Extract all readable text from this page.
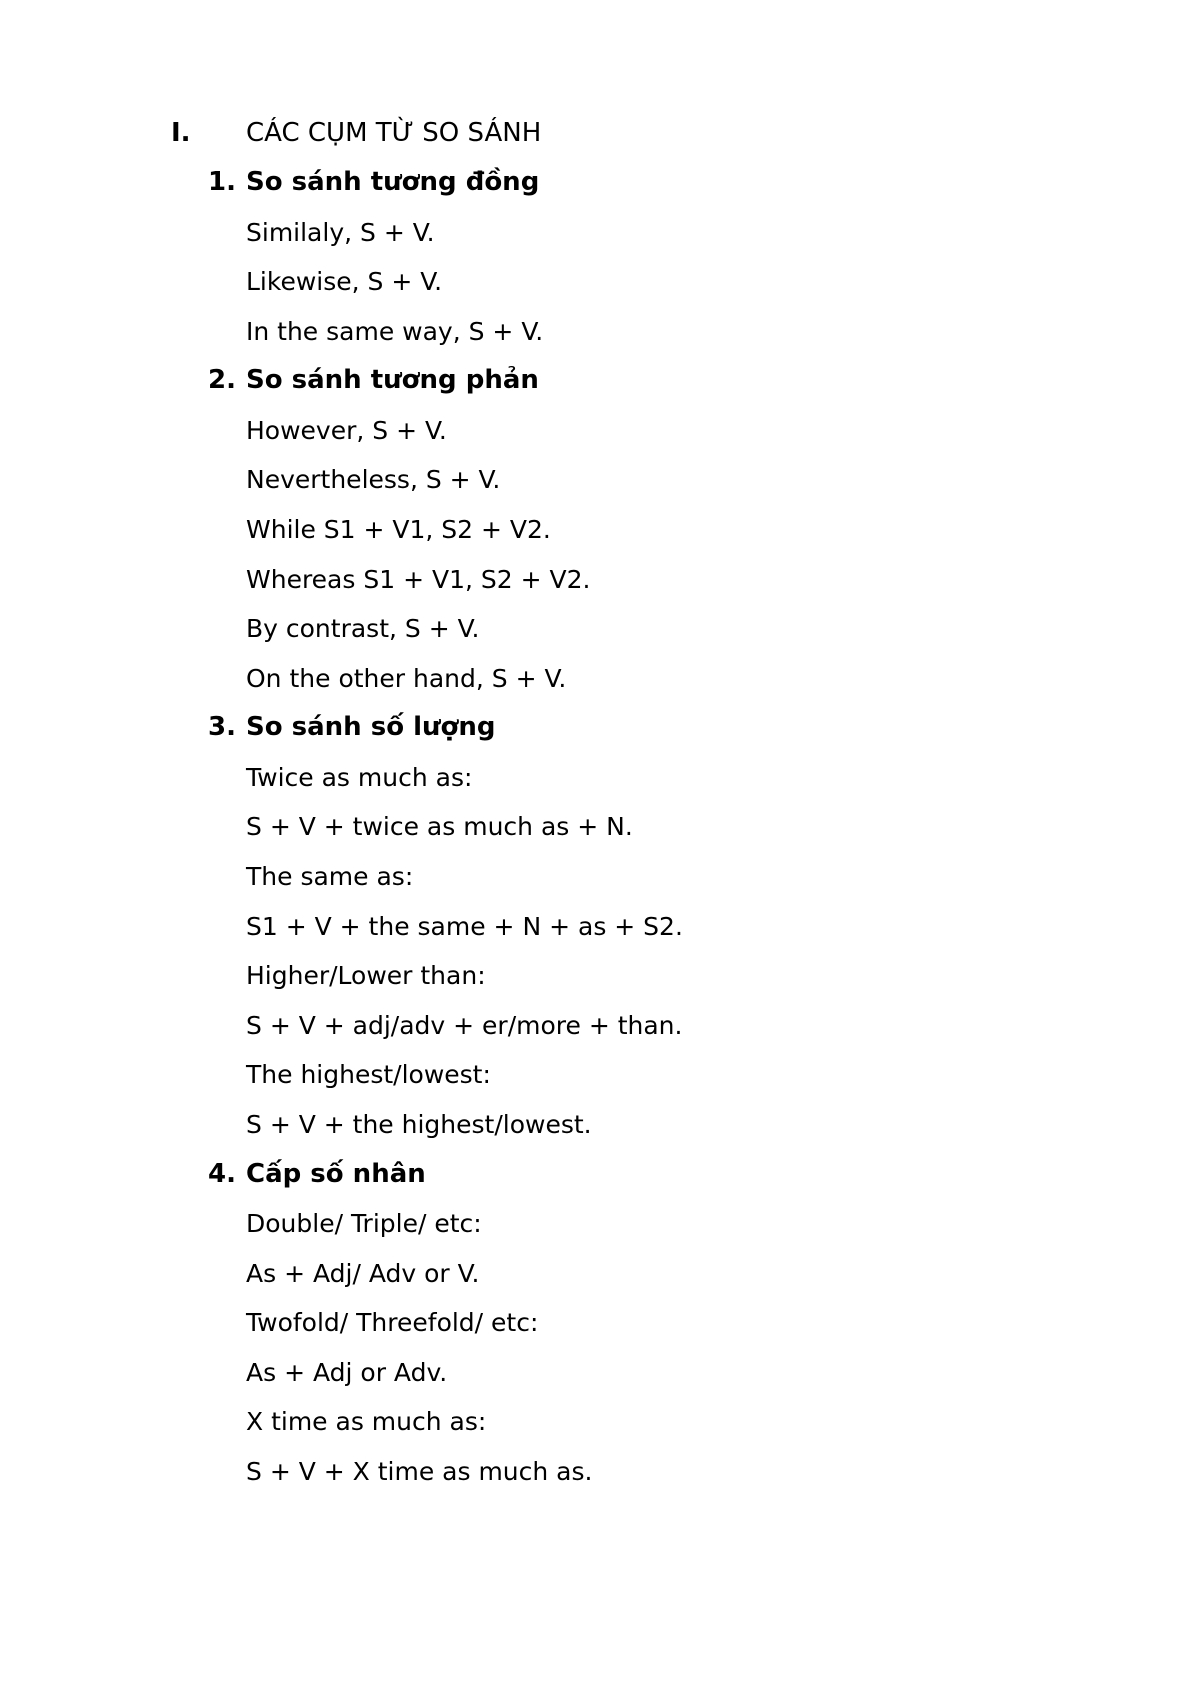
I.	CÁC CỤM TỪ SO SÁNH
1. So sánh tương đồng

Similaly, S + V.

Likewise, S + V.

In the same way, S + V.

2. So sánh tương phản

However, S + V.

Nevertheless, S + V.

While S1 + V1, S2 + V2.

Whereas S1 + V1, S2 + V2.

By contrast, S + V.

On the other hand, S + V.

3. So sánh số lượng

Twice as much as:

S + V + twice as much as + N.

The same as:

S1 + V + the same + N + as + S2.

Higher/Lower than:

S + V + adj/adv + er/more + than.

The highest/lowest:

S + V + the highest/lowest.

4. Cấp số nhân

Double/ Triple/ etc:

As + Adj/ Adv or V.

Twofold/ Threefold/ etc:

As + Adj or Adv.

X time as much as:

S + V + X time as much as.
